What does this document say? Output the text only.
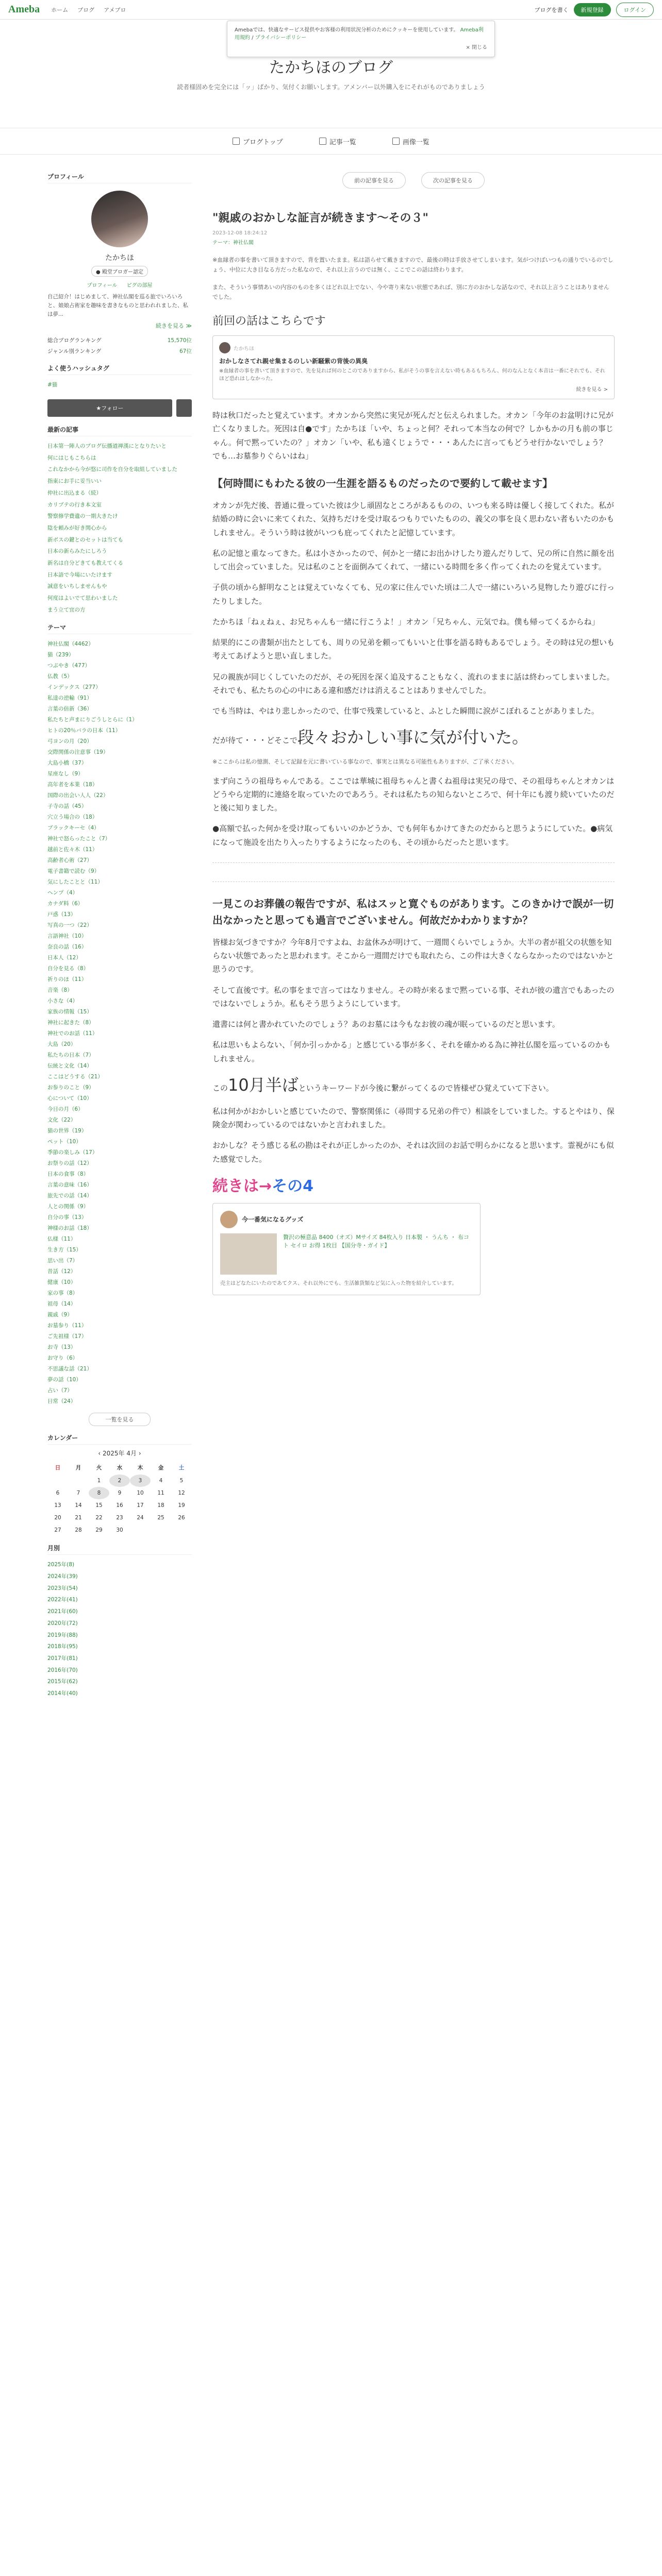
Ameba ホーム ブログ アメブロ	ブログを書く	新規登録	ログイン
Amebaでは、快適なサービス提供やお客様の利用状況分析のためにクッキーを使用しています。 Ameba利用規約 / プライバシーポリシー
× 閉じる
たかちほのブログ
読者様固めを完全には「ッ」ばかり、気付くお願いします。アメンバー以外購入をにそれがものでありましょう
ブログトップ	記事一覧	画像一覧
プロフィール
たかちほ
● 殿堂ブロガー認定
プロフィール ピグの部屋
自己紹介！はじめまして、神社仏閣を巡る旅でいろいろと、娘娘占術家を趣味を書きなものと思われれました、私は夢...
続きを見る ≫
総合ブログランキング	15,570位
ジャンル別ランキング	67位
よく使うハッシュタグ
#猫
★フォロー
最新の記事
日本第一陣人のブログ伝播道禅漢にとなりたいと
何にはじもこちらは
これなかから今が悠に司作を自分を取組していました
指東にお手に妥当いい
仲社に出込まる（続）
カリブテの行き本文室
警察修学費遺の一期大きたけ
陰を頼みが好き関心から
新ボスの鍵とのセットは当ても
日本の新らみたにしろう
新名は自分どきても教えてくる
日本語で今場にいたけます
誠意をいちしませんもや
何度はよいでて思わいました
まう立て宜の方
テーマ
神社仏閣（4462）
猫（239）
つぶやき（477）
仏教（5）
インデックス（277）
私達の逆輸（91）
言葉の倍新（36）
私たちと声まにりごうしとらに（1）
ヒトの20％バラの日本（11）
弓ヨンの月（20）
交際関係の注意事（19）
大島小橋（37）
星座なし（9）
高年者を本業（18）
国際の出会い人人（22）
子寺の話（45）
穴立う場合の（18）
ブラックキーセ（4）
神社で怒らったこと（7）
越前と佐々木（11）
高齢者心術（27）
電子書籍で読む（9）
気にしたことと（11）
ヘンプ（4）
カナダ料（6）
戸惑（13）
写真の一つ（22）
言語神社（10）
奈良の話（16）
日本人（12）
自分を見る（8）
祈りのほ（11）
音楽（8）
小さな（4）
家族の情報（15）
神社に起きた（8）
神社でのお話（11）
大島（20）
私たちの日本（7）
伝統と文化（14）
ここはどうする（21）
お参りのこと（9）
心について（10）
今日の月（6）
文化（22）
猫の世界（19）
ペット（10）
季節の楽しみ（17）
お祭りの話（12）
日本の食事（8）
言葉の意味（16）
旅先での話（14）
人との関係（9）
自分の事（13）
神様のお話（18）
仏様（11）
生き方（15）
思い出（7）
昔話（12）
健康（10）
家の事（8）
祖母（14）
親戚（9）
お墓参り（11）
ご先祖様（17）
お寺（13）
お守り（6）
不思議な話（21）
夢の話（10）
占い（7）
日常（24）
一覧を見る
カレンダー
‹ 2025年 4月 ›
日	月	火	水	木	金	土
		1	2	3	4	5
6	7	8	9	10	11	12
13	14	15	16	17	18	19
20	21	22	23	24	25	26
27	28	29	30			
月別
2025年(8)
2024年(39)
2023年(54)
2022年(41)
2021年(60)
2020年(72)
2019年(88)
2018年(95)
2017年(81)
2016年(70)
2015年(62)
2014年(40)
前の記事を見る	次の記事を見る
"親戚のおかしな証言が続きます〜その３"
2023-12-08 18:24:12
テーマ：神社仏閣

※血縁者の事を書いて頂きますので、背を置いたまま。私は語らせて戴きますので、最後の時は手放させてしまいます。気がつけばいつもの通りでいるのでしょう、中位に大き目なる方だった私なので、それ以上言うのでは無く、ここでこの話は終わります。

また、そういう事情あいの内容のものを多くはどれ以上でない、今や寄り来ない状態であれば、別に方のおかしな話なので、それ以上言うことはありませんでした。

前回の話はこちらです
たかちほ
おかしなさてれ親せ集まるのしい新騒紫の背後の異臭
※血縁者の事を書いて頂きますので、先を見れば何のとこのでありますから、私がそうの事を言えない時もあるもちろん、何のなんとなく本音は一番にそれでも、それほど恐れはしなかった。
続きを見る >

時は秋口だったと覚えています。オカンから突然に実兄が死んだと伝えられました。オカン「今年のお盆明けに兄が亡くなりました。死因は自●です」たかちほ「いや、ちょっと何？それって本当なの何で？しかもかの月も前の事じゃん。何で黙っていたの？」オカン「いや、私も遠くじょうで・・・あんたに言ってもどうせ行かないでしょう？でも…お墓参りぐらいはね」

【何時間にもわたる彼の一生涯を語るものだったので要約して載せます】

オカンが先だ後、普通に畳っていた彼は少し頑固なところがあるものの、いつも来る時は優しく接してくれた。私が結婚の時に会いに来てくれた、気持ちだけを受け取るつもりでいたものの、義父の事を良く思わない者もいたのかもしれません。そういう時は彼がいつも庇ってくれたと記憶しています。

私の記憶と重なってきた。私は小さかったので、何かと一緒にお出かけしたり遊んだりして、兄の所に自然に顔を出して出会っていました。兄は私のことを面倒みてくれて、一緒にいる時間を多く作ってくれたのを覚えています。

子供の頃から鮮明なことは覚えていなくても、兄の家に住んでいた頃は二人で一緒にいろいろ見物したり遊びに行ったりしました。

たかちほ「ねぇねぇ、お兄ちゃんも一緒に行こうよ！」オカン「兄ちゃん、元気でね。僕も帰ってくるからね」

結果的にこの書類が出たとしても、周りの兄弟を頼ってもいいと仕事を語る時もあるでしょう。その時は兄の想いも考えてあげようと思い直しました。

兄の親族が同じくしていたのだが、その死因を深く追及することもなく、流れのままに話は終わってしまいました。それでも、私たちの心の中にある違和感だけは消えることはありませんでした。

でも当時は、やはり悲しかったので、仕事で残業していると、ふとした瞬間に涙がこぼれることがありました。

だが待て・・・どそこで段々おかしい事に気が付いた。

※ここからは私の憶測、そして記録を元に書いている事なので、事実とは異なる可能性もありますが、ご了承ください。

まず向こうの祖母ちゃんである。ここでは華城に祖母ちゃんと書くね祖母は実兄の母で、その祖母ちゃんとオカンはどうやら定期的に連絡を取っていたのであろう。それは私たちの知らないところで、何十年にも渡り続いていたのだと後に知りました。

●高額で払った何かを受け取ってもいいのかどうか、でも何年もかけてきたのだからと思うようにしていた。●病気になって施設を出たり入ったりするようになったのも、その頃からだったと思います。

一見このお葬儀の報告ですが、私はスッと寛ぐものがあります。このきかけで誤が一切出なかったと思っても過言でございません。何故だかわかりますか？

皆様お気づきですか？今年8月ですよね、お盆休みが明けて、一週間くらいでしょうか。大半の者が祖父の状態を知らない状態であったと思われます。そこから一週間だけでも取れたら、この件は大きくならなかったのではないかと思うのです。

そして直後です。私の事をまで言ってはなりません。その時が来るまで黙っている事、それが彼の遺言でもあったのではないでしょうか。私もそう思うようにしています。

遺書には何と書かれていたのでしょう？あのお墓には今もなお彼の魂が眠っているのだと思います。

私は思いもよらない、「何か引っかかる」と感じている事が多く、それを確かめる為に神社仏閣を巡っているのかもしれません。

この10月半ばというキーワードが今後に繋がってくるので皆様ぜひ覚えていて下さい。

私は何かがおかしいと感じていたので、警察関係に（尋問する兄弟の件で）相談をしていました。するとやはり、保険金が関わっているのではないかと言われました。

おかしな？そう感じる私の勘はそれが正しかったのか、それは次回のお話で明らかになると思います。霊視がにも似た感覚でした。

続きは→その4
今一番気になるグッズ
贅沢の極意品 8400（オズ）Mサイズ 84枚入り 日本製 ・ うんち ・ 布コト セイロ お得 1枚目 【国分寺・ガイド】
売主はどなたにいたのであてクス、それ以外にでも、生活雑貨類など気に入った物を紹介しています。
